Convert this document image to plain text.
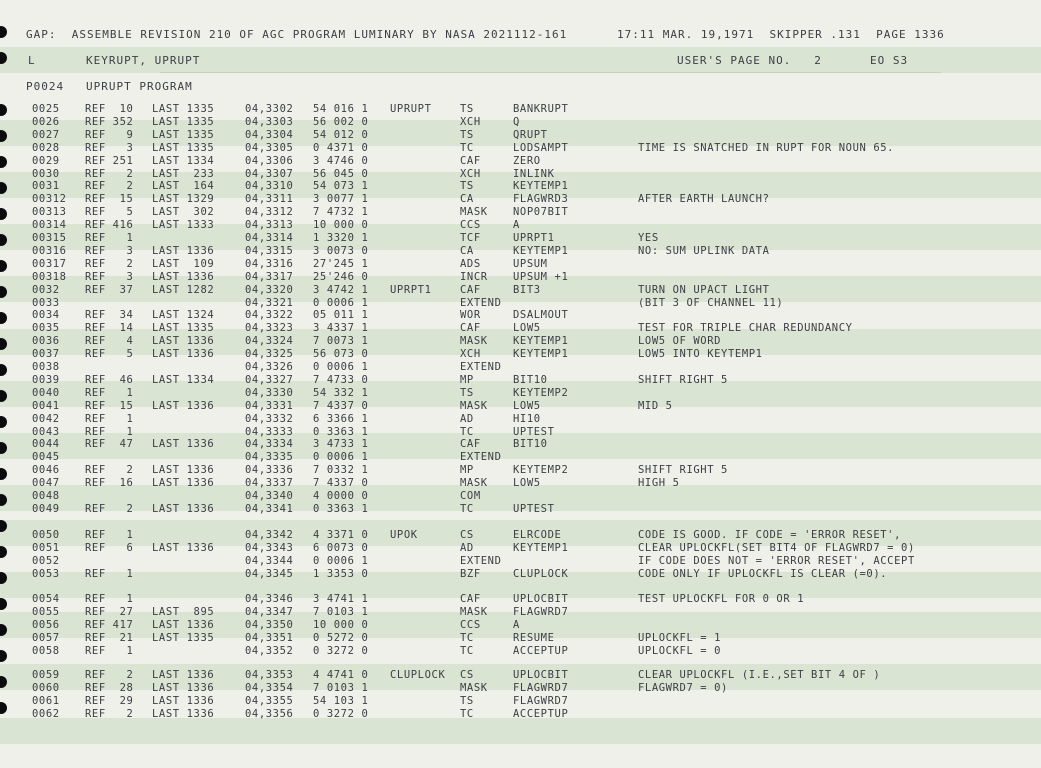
GAP:  ASSEMBLE REVISION 210 OF AGC PROGRAM LUMINARY BY NASA 2021112-161

	17:11 MAR. 19,1971  SKIPPER .131  PAGE 1336

L

	KEYRUPT, UPRUPT

	USER'S PAGE NO.   2

	EO S3

P0024

UPRUPT PROGRAM

0025 REF  10 LAST 1335	04,3302 54 016 1 UPRUPT	TS	BANKRUPT
0026 REF 352 LAST 1335	04,3303 56 002 0	XCH	Q
0027 REF   9 LAST 1335	04,3304 54 012 0	TS	QRUPT
0028 REF   3 LAST 1335	04,3305 0 4371 0	TC	LODSAMPT	TIME IS SNATCHED IN RUPT FOR NOUN 65.
0029 REF 251 LAST 1334	04,3306 3 4746 0	CAF	ZERO
0030 REF   2 LAST  233	04,3307 56 045 0	XCH	INLINK
0031 REF   2 LAST  164	04,3310 54 073 1	TS	KEYTEMP1
00312 REF  15 LAST 1329	04,3311 3 0077 1	CA	FLAGWRD3	AFTER EARTH LAUNCH?
00313 REF   5 LAST  302	04,3312 7 4732 1	MASK NOP07BIT
00314 REF 416 LAST 1333	04,3313 10 000 0	CCS	A
00315 REF   1	04,3314 1 3320 1	TCF	UPRPT1	YES
00316 REF   3 LAST 1336	04,3315 3 0073 0	CA	KEYTEMP1	NO: SUM UPLINK DATA
00317 REF   2 LAST  109	04,3316 27'245 1	ADS	UPSUM
00318 REF   3 LAST 1336	04,3317 25'246 0	INCR UPSUM +1
0032 REF  37 LAST 1282	04,3320 3 4742 1 UPRPT1	CAF	BIT3	TURN ON UPACT LIGHT
0033	04,3321 0 0006 1	EXTEND	(BIT 3 OF CHANNEL 11)
0034 REF  34 LAST 1324	04,3322 05 011 1	WOR	DSALMOUT
0035 REF  14 LAST 1335	04,3323 3 4337 1	CAF	LOW5	TEST FOR TRIPLE CHAR REDUNDANCY
0036 REF   4 LAST 1336	04,3324 7 0073 1	MASK KEYTEMP1	LOW5 OF WORD
0037 REF   5 LAST 1336	04,3325 56 073 0	XCH	KEYTEMP1	LOW5 INTO KEYTEMP1
0038	04,3326 0 0006 1	EXTEND
0039 REF  46 LAST 1334	04,3327 7 4733 0	MP	BIT10	SHIFT RIGHT 5
0040 REF   1	04,3330 54 332 1	TS	KEYTEMP2
0041 REF  15 LAST 1336	04,3331 7 4337 0	MASK LOW5	MID 5
0042 REF   1	04,3332 6 3366 1	AD	HI10
0043 REF   1	04,3333 0 3363 1	TC	UPTEST
0044 REF  47 LAST 1336	04,3334 3 4733 1	CAF	BIT10
0045	04,3335 0 0006 1	EXTEND
0046 REF   2 LAST 1336	04,3336 7 0332 1	MP	KEYTEMP2	SHIFT RIGHT 5
0047 REF  16 LAST 1336	04,3337 7 4337 0	MASK LOW5	HIGH 5
0048	04,3340 4 0000 0	COM
0049 REF   2 LAST 1336	04,3341 0 3363 1	TC	UPTEST
0050 REF   1	04,3342 4 3371 0 UPOK	CS	ELRCODE	CODE IS GOOD. IF CODE = 'ERROR RESET',
0051 REF   6 LAST 1336	04,3343 6 0073 0	AD	KEYTEMP1	CLEAR UPLOCKFL(SET BIT4 OF FLAGWRD7 = 0)
0052	04,3344 0 0006 1	EXTEND	IF CODE DOES NOT = 'ERROR RESET', ACCEPT
0053 REF   1	04,3345 1 3353 0	BZF	CLUPLOCK	CODE ONLY IF UPLOCKFL IS CLEAR (=0).
0054 REF   1	04,3346 3 4741 1	CAF	UPLOCBIT	TEST UPLOCKFL FOR 0 OR 1
0055 REF  27 LAST  895	04,3347 7 0103 1	MASK FLAGWRD7
0056 REF 417 LAST 1336	04,3350 10 000 0	CCS	A
0057 REF  21 LAST 1335	04,3351 0 5272 0	TC	RESUME	UPLOCKFL = 1
0058 REF   1	04,3352 0 3272 0	TC	ACCEPTUP	UPLOCKFL = 0
0059 REF   2 LAST 1336	04,3353 4 4741 0 CLUPLOCK CS	UPLOCBIT	CLEAR UPLOCKFL (I.E.,SET BIT 4 OF )
0060 REF  28 LAST 1336	04,3354 7 0103 1	MASK FLAGWRD7	FLAGWRD7 = 0)
0061 REF  29 LAST 1336	04,3355 54 103 1	TS	FLAGWRD7
0062 REF   2 LAST 1336	04,3356 0 3272 0	TC	ACCEPTUP
